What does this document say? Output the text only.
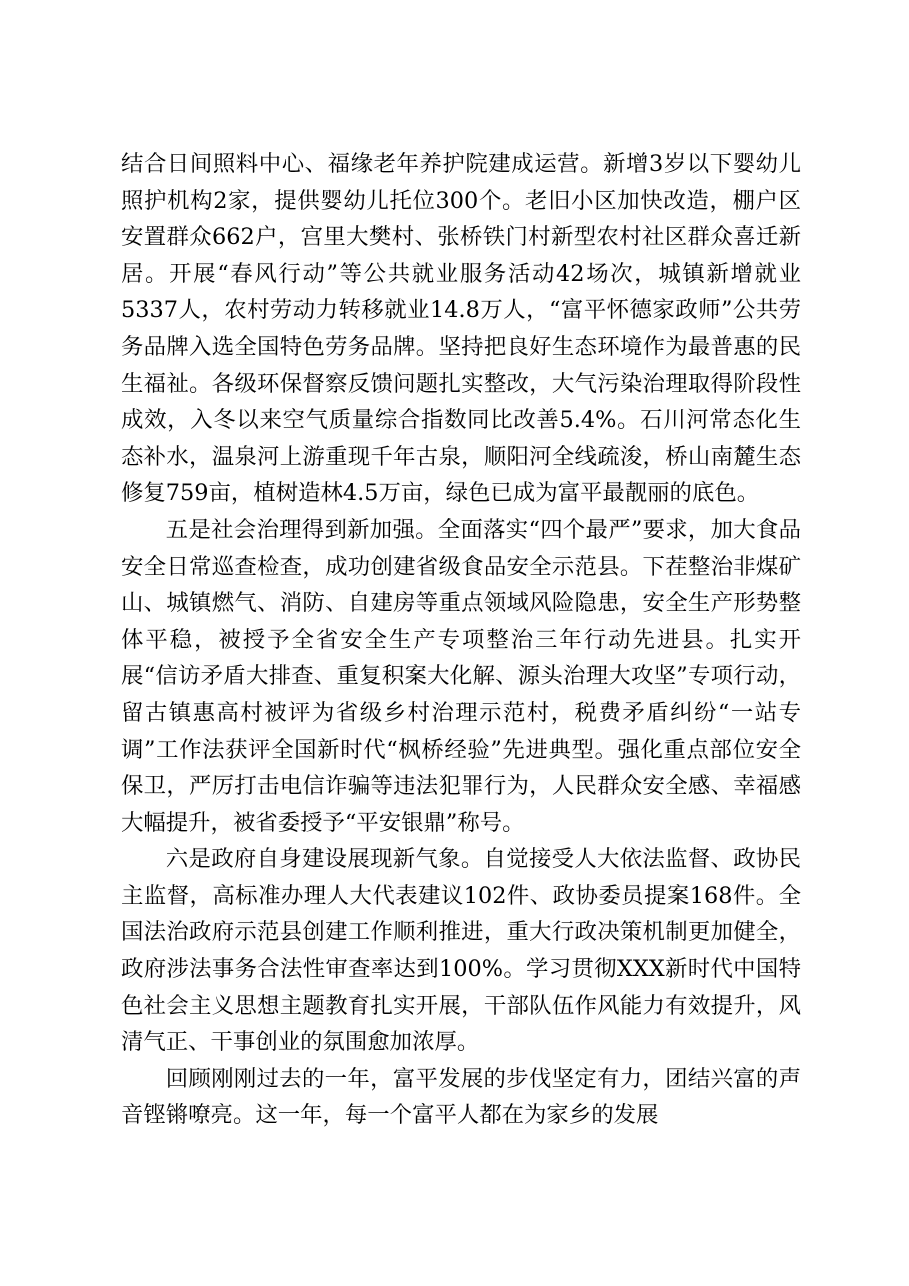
结合日间照料中心、福缘老年养护院建成运营。新增3岁以下婴幼儿照护机构2家，提供婴幼儿托位300个。老旧小区加快改造，棚户区安置群众662户，宫里大樊村、张桥铁门村新型农村社区群众喜迁新居。开展“春风行动”等公共就业服务活动42场次，城镇新增就业5337人，农村劳动力转移就业14.8万人，“富平怀德家政师”公共劳务品牌入选全国特色劳务品牌。坚持把良好生态环境作为最普惠的民生福祉。各级环保督察反馈问题扎实整改，大气污染治理取得阶段性成效，入冬以来空气质量综合指数同比改善5.4%。石川河常态化生态补水，温泉河上游重现千年古泉，顺阳河全线疏浚，桥山南麓生态修复759亩，植树造林4.5万亩，绿色已成为富平最靓丽的底色。

五是社会治理得到新加强。全面落实“四个最严”要求，加大食品安全日常巡查检查，成功创建省级食品安全示范县。下茬整治非煤矿山、城镇燃气、消防、自建房等重点领域风险隐患，安全生产形势整体平稳，被授予全省安全生产专项整治三年行动先进县。扎实开展“信访矛盾大排查、重复积案大化解、源头治理大攻坚”专项行动，留古镇惠高村被评为省级乡村治理示范村，税费矛盾纠纷“一站专调”工作法获评全国新时代“枫桥经验”先进典型。强化重点部位安全保卫，严厉打击电信诈骗等违法犯罪行为，人民群众安全感、幸福感大幅提升，被省委授予“平安银鼎”称号。

六是政府自身建设展现新气象。自觉接受人大依法监督、政协民主监督，高标准办理人大代表建议102件、政协委员提案168件。全国法治政府示范县创建工作顺利推进，重大行政决策机制更加健全，政府涉法事务合法性审查率达到100%。学习贯彻XXX新时代中国特色社会主义思想主题教育扎实开展，干部队伍作风能力有效提升，风清气正、干事创业的氛围愈加浓厚。

回顾刚刚过去的一年，富平发展的步伐坚定有力，团结兴富的声音铿锵嘹亮。这一年，每一个富平人都在为家乡的发展
